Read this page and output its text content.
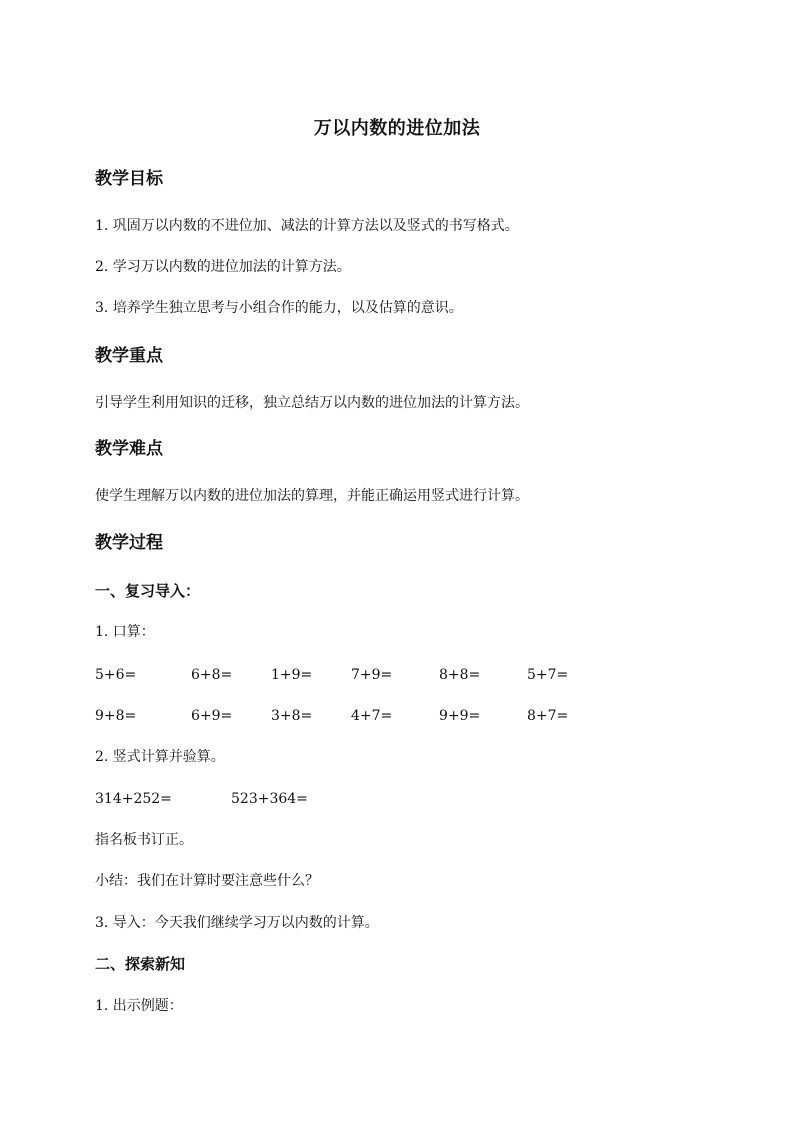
万以内数的进位加法
教学目标
1. 巩固万以内数的不进位加、减法的计算方法以及竖式的书写格式。
2. 学习万以内数的进位加法的计算方法。
3. 培养学生独立思考与小组合作的能力，以及估算的意识。
教学重点
引导学生利用知识的迁移，独立总结万以内数的进位加法的计算方法。
教学难点
使学生理解万以内数的进位加法的算理，并能正确运用竖式进行计算。
教学过程
一、复习导入：
1. 口算：
5+6=	6+8=	1+9=	7+9=	8+8=	5+7=
9+8=	6+9=	3+8=	4+7=	9+9=	8+7=
2. 竖式计算并验算。
314+252=	523+364=
指名板书订正。
小结：我们在计算时要注意些什么？
3. 导入：今天我们继续学习万以内数的计算。
二、探索新知
1. 出示例题：
